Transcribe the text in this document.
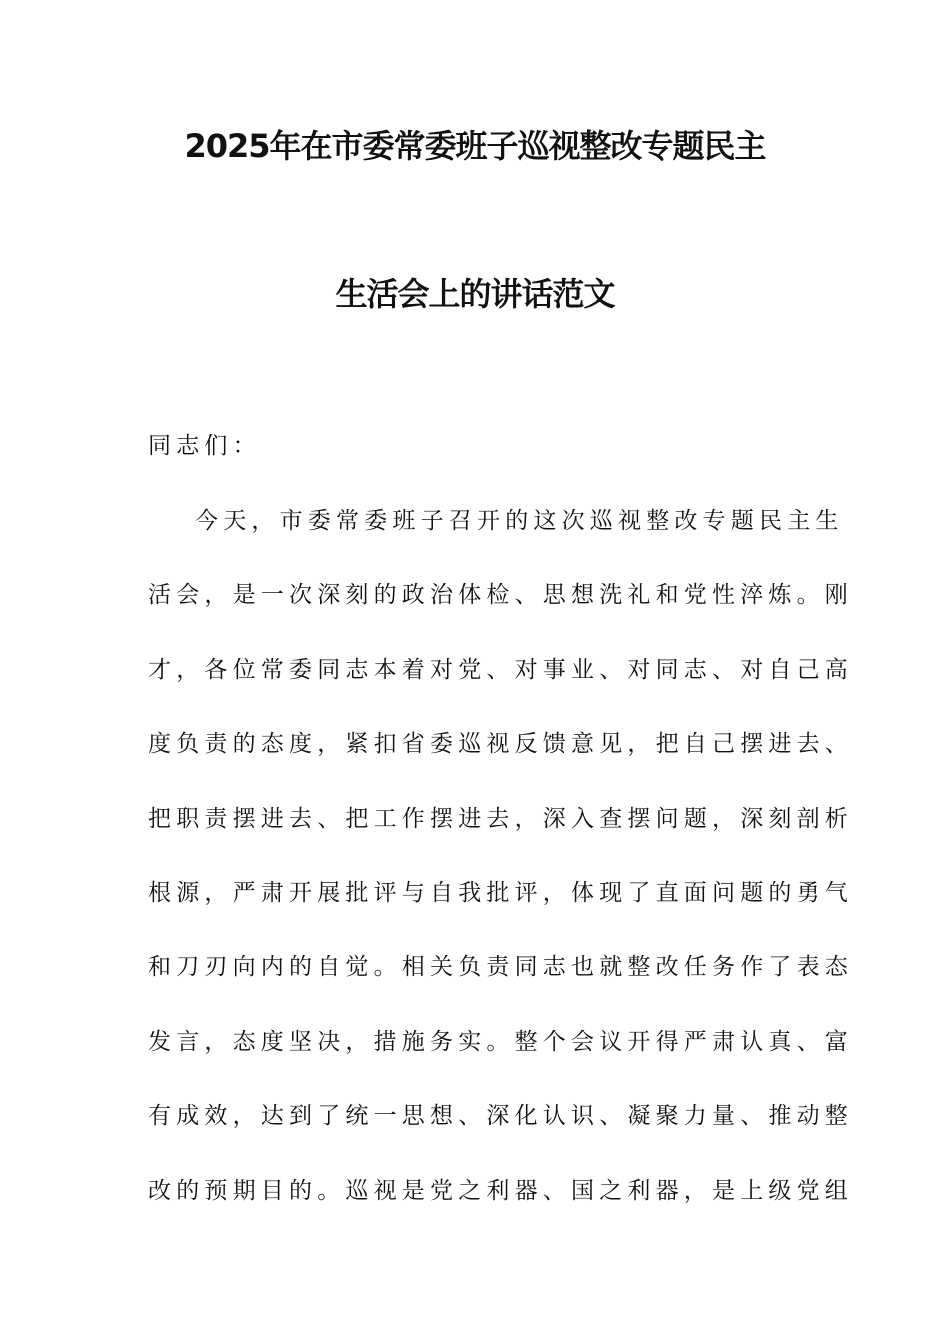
2025年在市委常委班子巡视整改专题民主
生活会上的讲话范文
同志们：
今天，市委常委班子召开的这次巡视整改专题民主生
活会，是一次深刻的政治体检、思想洗礼和党性淬炼。刚
才，各位常委同志本着对党、对事业、对同志、对自己高
度负责的态度，紧扣省委巡视反馈意见，把自己摆进去、
把职责摆进去、把工作摆进去，深入查摆问题，深刻剖析
根源，严肃开展批评与自我批评，体现了直面问题的勇气
和刀刃向内的自觉。相关负责同志也就整改任务作了表态
发言，态度坚决，措施务实。整个会议开得严肃认真、富
有成效，达到了统一思想、深化认识、凝聚力量、推动整
改的预期目的。巡视是党之利器、国之利器，是上级党组
